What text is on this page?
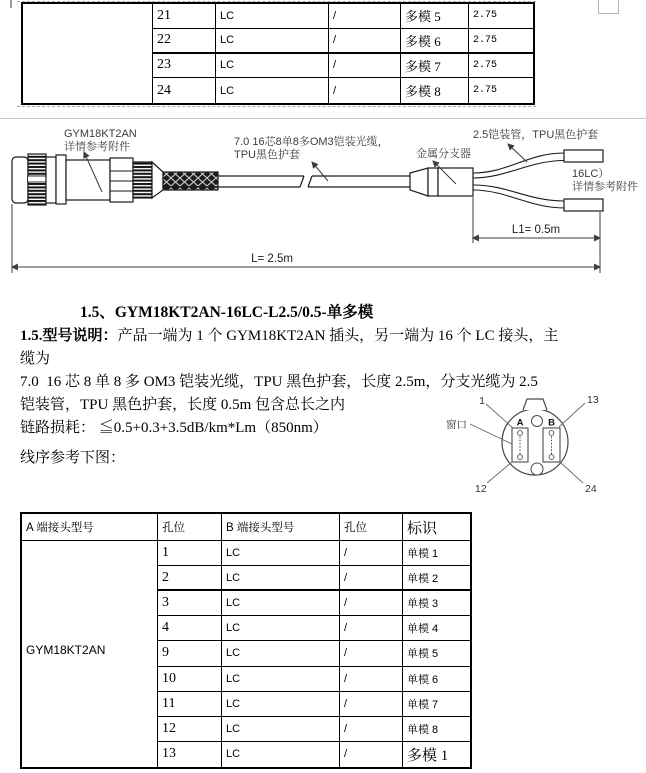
21	LC	/	多模 5	2.75
22	LC	/	多模 6	2.75
23	LC	/	多模 7	2.75
24	LC	/	多模 8	2.75
L1= 0.5m
L= 2.5m
GYM18KT2AN
详情参考附件	7.0 16芯8单8多OM3铠装光缆，
TPU黑色护套	金属分支器
2.5铠装管，TPU黑色护套
16LC）
详情参考附件
1.5、GYM18KT2AN-16LC-L2.5/0.5-单多模
1.5.型号说明：产品一端为 1 个 GYM18KT2AN 插头，另一端为 16 个 LC 接头，主
缆为
7.0  16 芯 8 单 8 多 OM3 铠装光缆，TPU 黑色护套，长度 2.5m，分支光缆为 2.5
铠装管，TPU 黑色护套，长度 0.5m 包含总长之内
链路损耗： ≦0.5+0.3+3.5dB/km*Lm（850nm）
线序参考下图：
A	B
1	13
窗口
12	24
A 端接头型号	孔位	B 端接头型号	孔位	标识
GYM18KT2AN
1	LC	/	单模 1
2	LC	/	单模 2
3	LC	/	单模 3
4	LC	/	单模 4
9	LC	/	单模 5
10	LC	/	单模 6
11	LC	/	单模 7
12	LC	/	单模 8
13	LC	/	多模 1
